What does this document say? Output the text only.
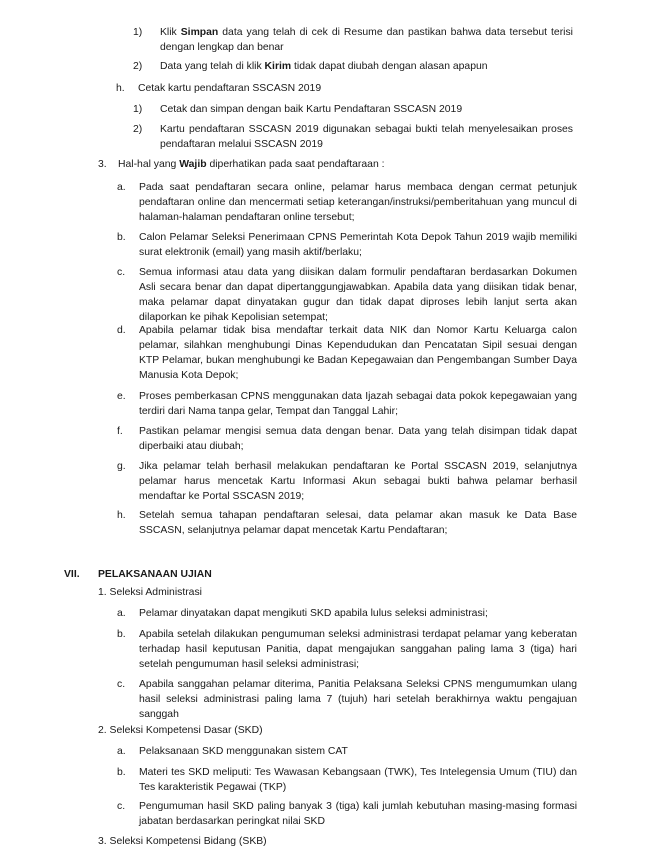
1)	Klik Simpan data yang telah di cek di Resume dan pastikan bahwa data tersebut terisi dengan lengkap dan benar
2)	Data yang telah di klik Kirim tidak dapat diubah dengan alasan apapun
h.	Cetak kartu pendaftaran SSCASN 2019
1)	Cetak dan simpan dengan baik Kartu Pendaftaran SSCASN 2019
2)	Kartu pendaftaran SSCASN 2019 digunakan sebagai bukti telah menyelesaikan proses pendaftaran melalui SSCASN 2019
3.	Hal-hal yang Wajib diperhatikan pada saat pendaftaraan :
a.	Pada saat pendaftaran secara online, pelamar harus membaca dengan cermat petunjuk pendaftaran online dan mencermati setiap keterangan/instruksi/pemberitahuan yang muncul di halaman-halaman pendaftaran online tersebut;
b.	Calon Pelamar Seleksi Penerimaan CPNS Pemerintah Kota Depok Tahun 2019 wajib memiliki surat elektronik (email) yang masih aktif/berlaku;
c.	Semua informasi atau data yang diisikan dalam formulir pendaftaran berdasarkan Dokumen Asli secara benar dan dapat dipertanggungjawabkan. Apabila data yang diisikan tidak benar, maka pelamar dapat dinyatakan gugur dan tidak dapat diproses lebih lanjut serta akan dilaporkan ke pihak Kepolisian setempat;
d.	Apabila pelamar tidak bisa mendaftar terkait data NIK dan Nomor Kartu Keluarga calon pelamar, silahkan menghubungi Dinas Kependudukan dan Pencatatan Sipil sesuai dengan KTP Pelamar, bukan menghubungi ke Badan Kepegawaian dan Pengembangan Sumber Daya Manusia Kota Depok;
e.	Proses pemberkasan CPNS menggunakan data Ijazah sebagai data pokok kepegawaian yang terdiri dari Nama tanpa gelar, Tempat dan Tanggal Lahir;
f.	Pastikan pelamar mengisi semua data dengan benar. Data yang telah disimpan tidak dapat diperbaiki atau diubah;
g.	Jika pelamar telah berhasil melakukan pendaftaran ke Portal SSCASN 2019, selanjutnya pelamar harus mencetak Kartu Informasi Akun sebagai bukti bahwa pelamar berhasil mendaftar ke Portal SSCASN 2019;
h.	Setelah semua tahapan pendaftaran selesai, data pelamar akan masuk ke Data Base SSCASN, selanjutnya pelamar dapat mencetak Kartu Pendaftaran;
VII. PELAKSANAAN UJIAN
1. Seleksi Administrasi
a.	Pelamar dinyatakan dapat mengikuti SKD apabila lulus seleksi administrasi;
b.	Apabila setelah dilakukan pengumuman seleksi administrasi terdapat pelamar yang keberatan terhadap hasil keputusan Panitia, dapat mengajukan sanggahan paling lama 3 (tiga) hari setelah pengumuman hasil seleksi administrasi;
c.	Apabila sanggahan pelamar diterima, Panitia Pelaksana Seleksi CPNS mengumumkan ulang hasil seleksi administrasi paling lama 7 (tujuh) hari setelah berakhirnya waktu pengajuan sanggah
2. Seleksi Kompetensi Dasar (SKD)
a.	Pelaksanaan SKD menggunakan sistem CAT
b.	Materi tes SKD meliputi: Tes Wawasan Kebangsaan (TWK), Tes Intelegensia Umum (TIU) dan Tes karakteristik Pegawai (TKP)
c.	Pengumuman hasil SKD paling banyak 3 (tiga) kali jumlah kebutuhan masing-masing formasi jabatan berdasarkan peringkat nilai SKD
3. Seleksi Kompetensi Bidang (SKB)
